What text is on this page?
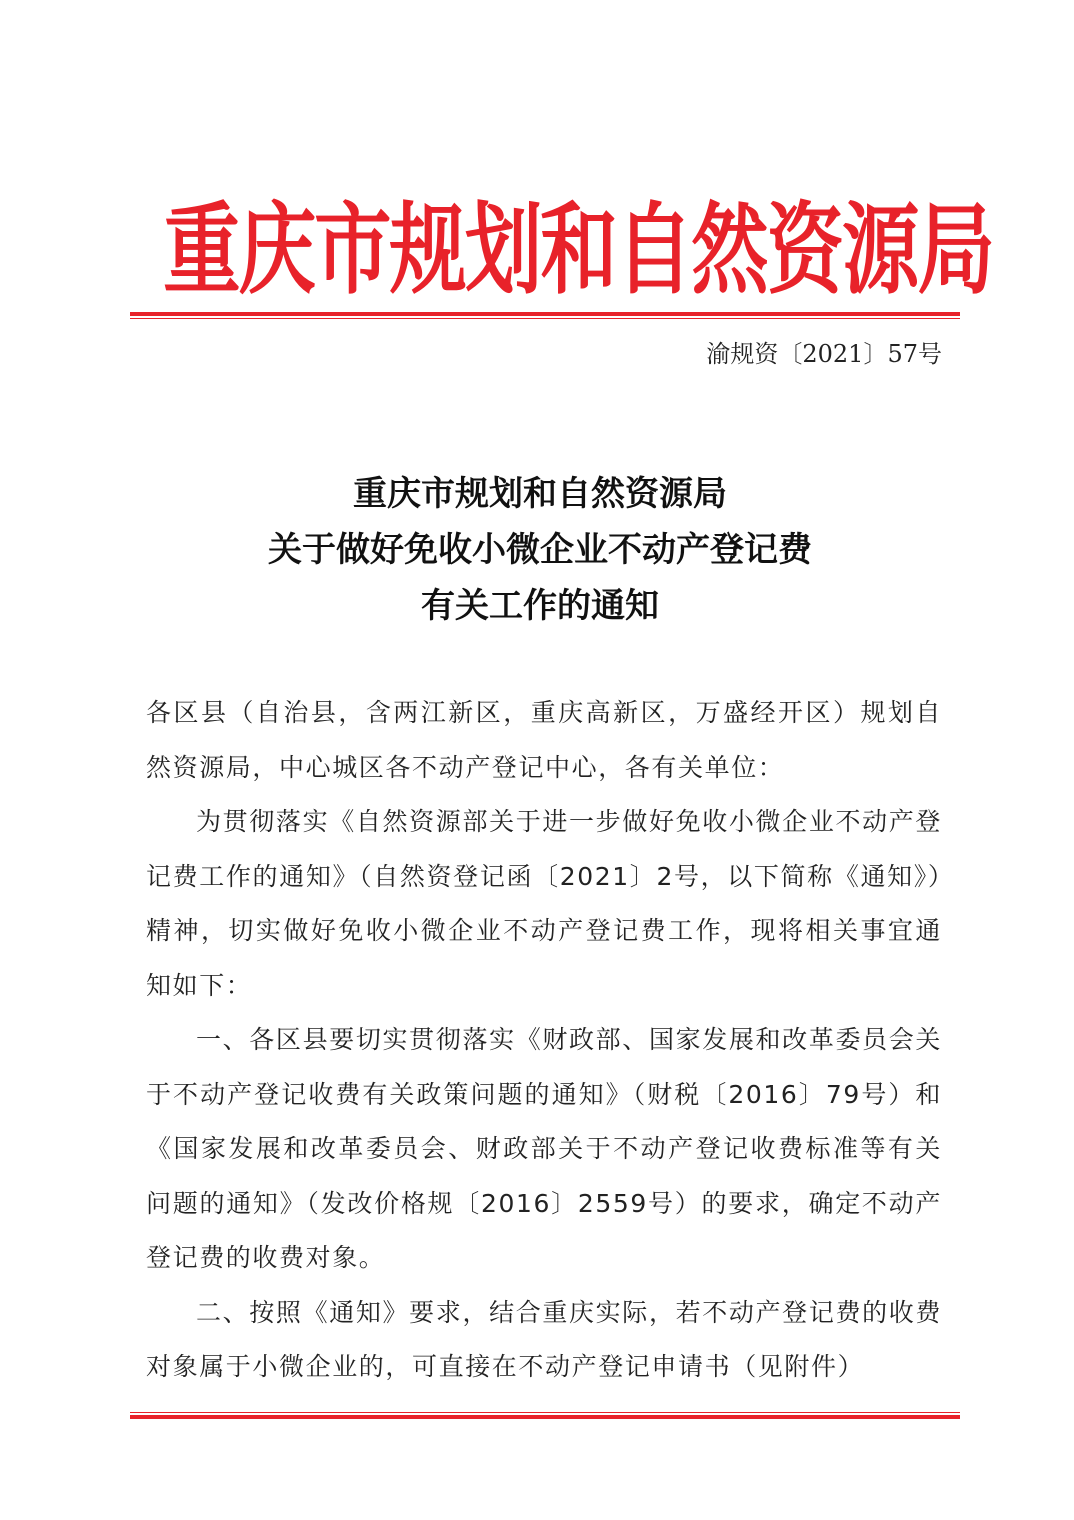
重庆市规划和自然资源局
渝规资〔2021〕57号
重庆市规划和自然资源局
关于做好免收小微企业不动产登记费
有关工作的通知

各区县（自治县，含两江新区，重庆高新区，万盛经开区）规划自然资源局，中心城区各不动产登记中心，各有关单位：

为贯彻落实《自然资源部关于进一步做好免收小微企业不动产登记费工作的通知》（自然资登记函〔2021〕2号，以下简称《通知》）精神，切实做好免收小微企业不动产登记费工作，现将相关事宜通知如下：

一、各区县要切实贯彻落实《财政部、国家发展和改革委员会关于不动产登记收费有关政策问题的通知》（财税〔2016〕79号）和《国家发展和改革委员会、财政部关于不动产登记收费标准等有关问题的通知》（发改价格规〔2016〕2559号）的要求，确定不动产登记费的收费对象。

二、按照《通知》要求，结合重庆实际，若不动产登记费的收费对象属于小微企业的，可直接在不动产登记申请书（见附件）
